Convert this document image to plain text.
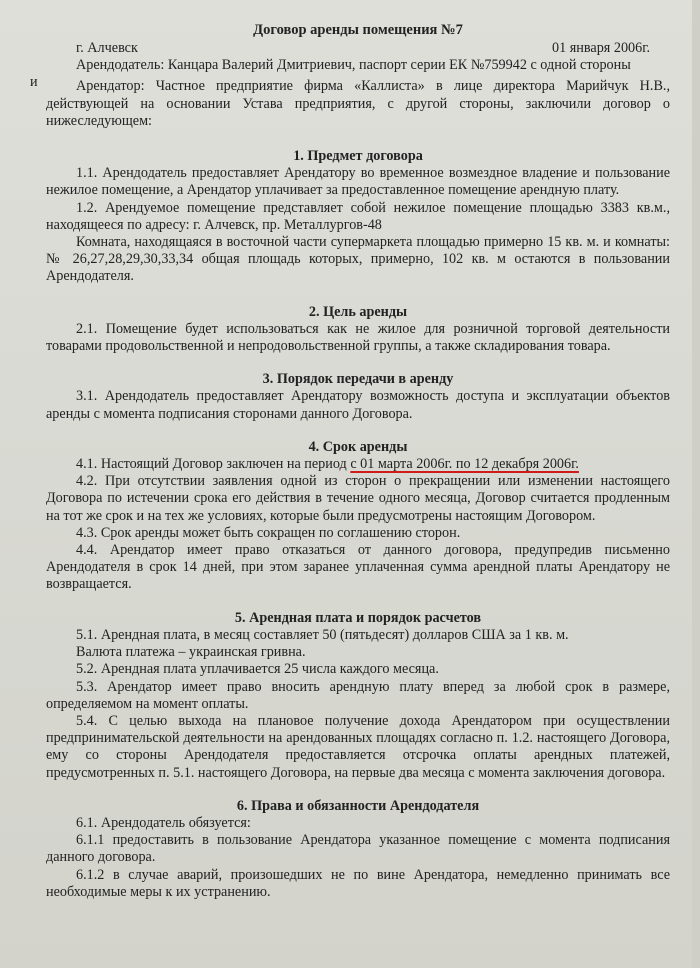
Договор аренды помещения №7
г. Алчевск	01 января 2006г.

Арендодатель: Канцара Валерий Дмитриевич, паспорт серии ЕК №759942 с одной стороны

и	Арендатор: Частное предприятие фирма «Каллиста» в лице директора Марийчук Н.В., действующей на основании Устава предприятия, с другой стороны, заключили договор о нижеследующем:

1. Предмет договора

1.1. Арендодатель предоставляет Арендатору во временное возмездное владение и пользование нежилое помещение, а Арендатор уплачивает за предоставленное помещение арендную плату.

1.2. Арендуемое помещение представляет собой нежилое помещение площадью 3383 кв.м., находящееся по адресу: г. Алчевск, пр. Металлургов-48

Комната, находящаяся в восточной части супермаркета площадью примерно 15 кв. м. и комнаты: № 26,27,28,29,30,33,34 общая площадь которых, примерно, 102 кв. м остаются в пользовании Арендодателя.

2. Цель аренды

2.1. Помещение будет использоваться как не жилое для розничной торговой деятельности товарами продовольственной и непродовольственной группы, а также складирования товара.

3. Порядок передачи в аренду

3.1. Арендодатель предоставляет Арендатору возможность доступа и эксплуатации объектов аренды с момента подписания сторонами данного Договора.

4. Срок аренды

4.1. Настоящий Договор заключен на период с 01 марта 2006г. по 12 декабря 2006г.

4.2. При отсутствии заявления одной из сторон о прекращении или изменении настоящего Договора по истечении срока его действия в течение одного месяца, Договор считается продленным на тот же срок и на тех же условиях, которые были предусмотрены настоящим Договором.

4.3. Срок аренды может быть сокращен по соглашению сторон.

4.4. Арендатор имеет право отказаться от данного договора, предупредив письменно Арендодателя в срок 14 дней, при этом заранее уплаченная сумма арендной платы Арендатору не возвращается.

5. Арендная плата и порядок расчетов

5.1. Арендная плата, в месяц составляет 50 (пятьдесят) долларов США за 1 кв. м.

Валюта платежа – украинская гривна.

5.2. Арендная плата уплачивается 25 числа каждого месяца.

5.3. Арендатор имеет право вносить арендную плату вперед за любой срок в размере, определяемом на момент оплаты.

5.4. С целью выхода на плановое получение дохода Арендатором при осуществлении предпринимательской деятельности на арендованных площадях согласно п. 1.2. настоящего Договора, ему со стороны Арендодателя предоставляется отсрочка оплаты арендных платежей, предусмотренных п. 5.1. настоящего Договора, на первые два месяца с момента заключения договора.

6. Права и обязанности Арендодателя

6.1. Арендодатель обязуется:

6.1.1 предоставить в пользование Арендатора указанное помещение с момента подписания данного договора.

6.1.2 в случае аварий, произошедших не по вине Арендатора, немедленно принимать все необходимые меры к их устранению.
